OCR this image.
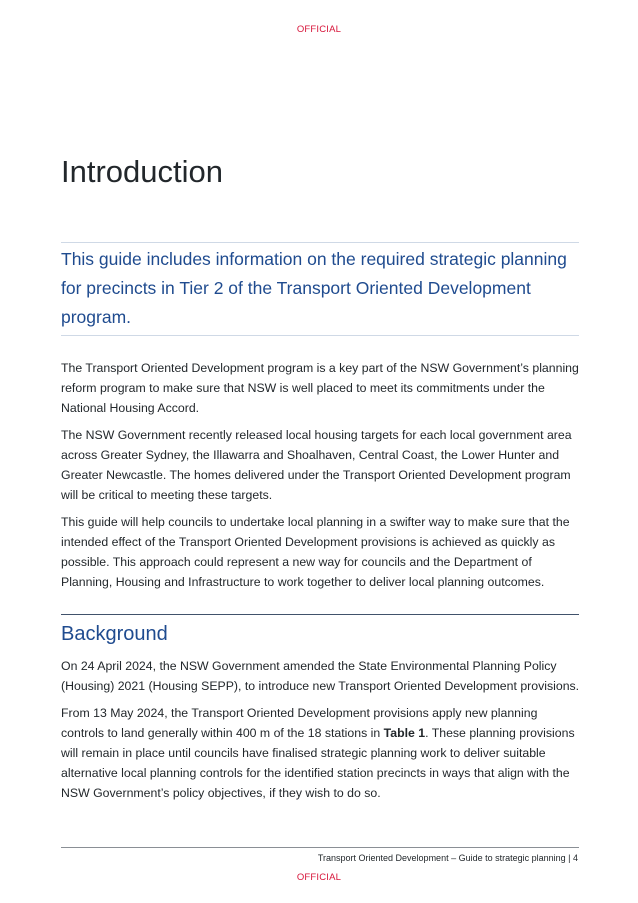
OFFICIAL
Introduction

This guide includes information on the required strategic planning for precincts in Tier 2 of the Transport Oriented Development program.

The Transport Oriented Development program is a key part of the NSW Government’s planning reform program to make sure that NSW is well placed to meet its commitments under the National Housing Accord.

The NSW Government recently released local housing targets for each local government area across Greater Sydney, the Illawarra and Shoalhaven, Central Coast, the Lower Hunter and Greater Newcastle. The homes delivered under the Transport Oriented Development program will be critical to meeting these targets.

This guide will help councils to undertake local planning in a swifter way to make sure that the intended effect of the Transport Oriented Development provisions is achieved as quickly as possible. This approach could represent a new way for councils and the Department of Planning, Housing and Infrastructure to work together to deliver local planning outcomes.

Background

On 24 April 2024, the NSW Government amended the State Environmental Planning Policy (Housing) 2021 (Housing SEPP), to introduce new Transport Oriented Development provisions.

From 13 May 2024, the Transport Oriented Development provisions apply new planning controls to land generally within 400 m of the 18 stations in Table 1. These planning provisions will remain in place until councils have finalised strategic planning work to deliver suitable alternative local planning controls for the identified station precincts in ways that align with the NSW Government’s policy objectives, if they wish to do so.

Transport Oriented Development – Guide to strategic planning | 4
OFFICIAL
